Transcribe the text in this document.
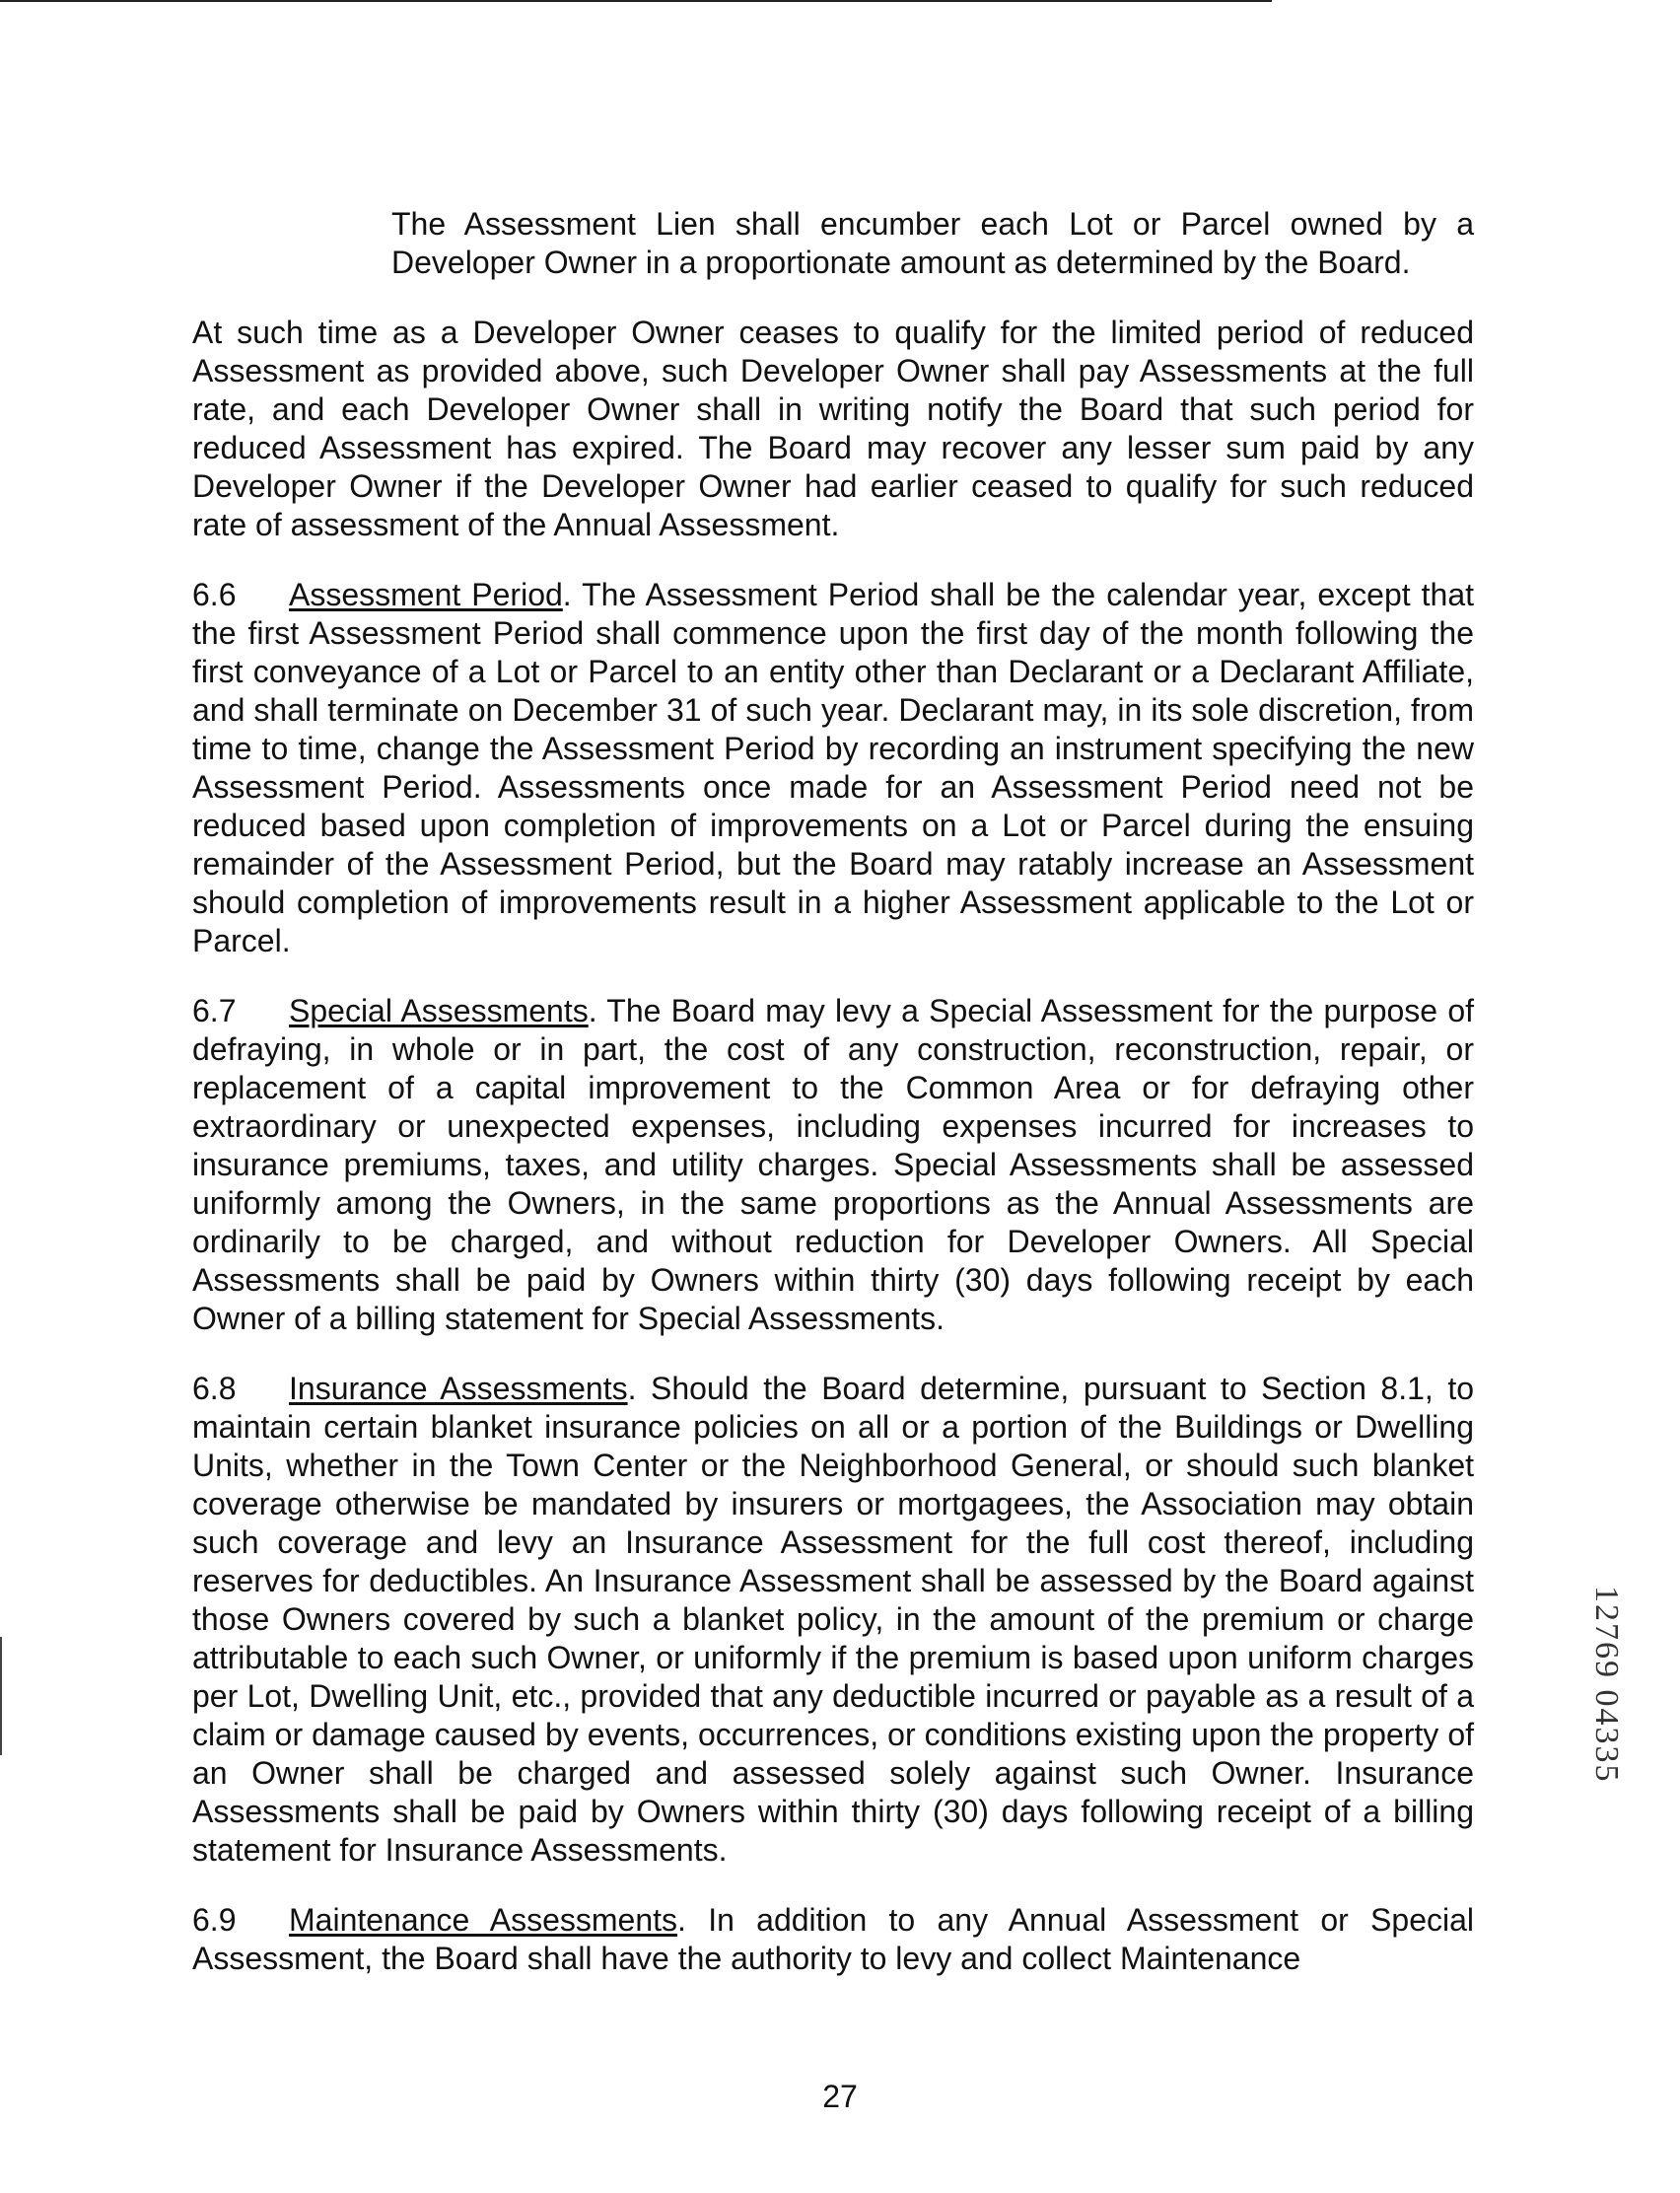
The Assessment Lien shall encumber each Lot or Parcel owned by a Developer Owner in a proportionate amount as determined by the Board.
At such time as a Developer Owner ceases to qualify for the limited period of reduced Assessment as provided above, such Developer Owner shall pay Assessments at the full rate, and each Developer Owner shall in writing notify the Board that such period for reduced Assessment has expired. The Board may recover any lesser sum paid by any Developer Owner if the Developer Owner had earlier ceased to qualify for such reduced rate of assessment of the Annual Assessment.
6.6 Assessment Period. The Assessment Period shall be the calendar year, except that the first Assessment Period shall commence upon the first day of the month following the first conveyance of a Lot or Parcel to an entity other than Declarant or a Declarant Affiliate, and shall terminate on December 31 of such year. Declarant may, in its sole discretion, from time to time, change the Assessment Period by recording an instrument specifying the new Assessment Period. Assessments once made for an Assessment Period need not be reduced based upon completion of improvements on a Lot or Parcel during the ensuing remainder of the Assessment Period, but the Board may ratably increase an Assessment should completion of improvements result in a higher Assessment applicable to the Lot or Parcel.
6.7 Special Assessments. The Board may levy a Special Assessment for the purpose of defraying, in whole or in part, the cost of any construction, reconstruction, repair, or replacement of a capital improvement to the Common Area or for defraying other extraordinary or unexpected expenses, including expenses incurred for increases to insurance premiums, taxes, and utility charges. Special Assessments shall be assessed uniformly among the Owners, in the same proportions as the Annual Assessments are ordinarily to be charged, and without reduction for Developer Owners. All Special Assessments shall be paid by Owners within thirty (30) days following receipt by each Owner of a billing statement for Special Assessments.
6.8 Insurance Assessments. Should the Board determine, pursuant to Section 8.1, to maintain certain blanket insurance policies on all or a portion of the Buildings or Dwelling Units, whether in the Town Center or the Neighborhood General, or should such blanket coverage otherwise be mandated by insurers or mortgagees, the Association may obtain such coverage and levy an Insurance Assessment for the full cost thereof, including reserves for deductibles. An Insurance Assessment shall be assessed by the Board against those Owners covered by such a blanket policy, in the amount of the premium or charge attributable to each such Owner, or uniformly if the premium is based upon uniform charges per Lot, Dwelling Unit, etc., provided that any deductible incurred or payable as a result of a claim or damage caused by events, occurrences, or conditions existing upon the property of an Owner shall be charged and assessed solely against such Owner. Insurance Assessments shall be paid by Owners within thirty (30) days following receipt of a billing statement for Insurance Assessments.
6.9 Maintenance Assessments. In addition to any Annual Assessment or Special Assessment, the Board shall have the authority to levy and collect Maintenance
12769 04335
27
